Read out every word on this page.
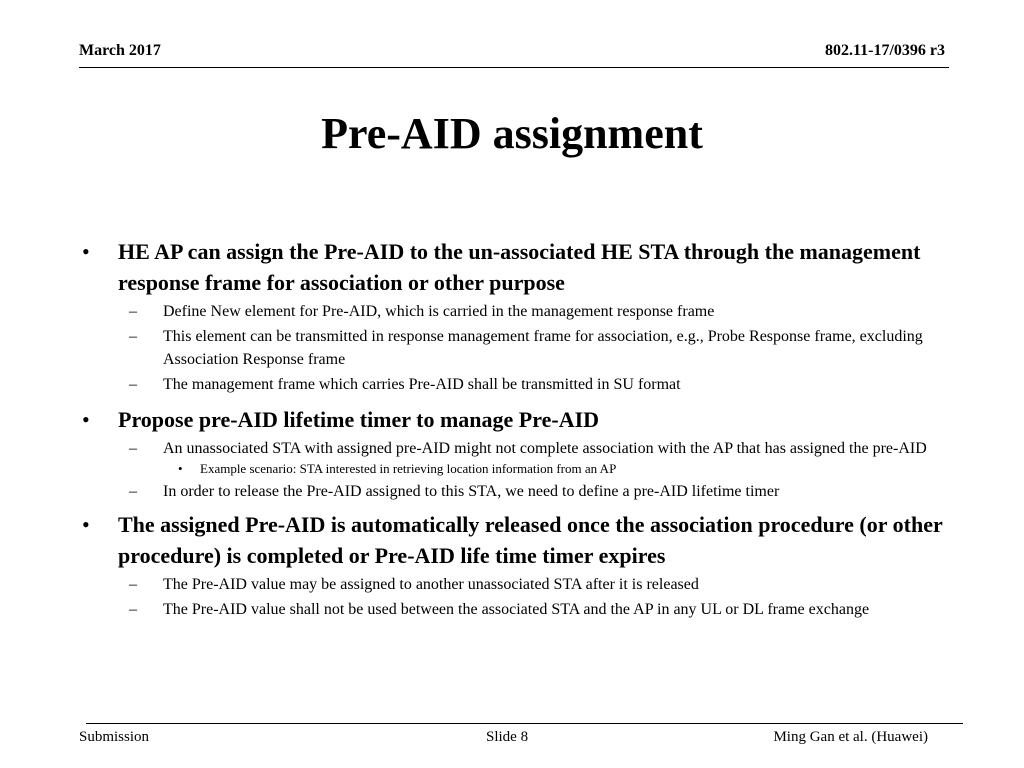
March 2017	802.11-17/0396 r3
Pre-AID assignment
• HE AP can assign the Pre-AID to the un-associated HE STA through the management response frame for association or other purpose
– Define New element for Pre-AID, which is carried in the management response frame
– This element can be transmitted in response management frame for association, e.g., Probe Response frame, excluding Association Response frame
– The management frame which carries Pre-AID shall be transmitted in SU format
• Propose pre-AID lifetime timer to manage Pre-AID
– An unassociated STA with assigned pre-AID might not complete association with the AP that has assigned the pre-AID
• Example scenario: STA interested in retrieving location information from an AP
– In order to release the Pre-AID assigned to this STA, we need to define a pre-AID lifetime timer
• The assigned Pre-AID is automatically released once the association procedure (or other procedure) is completed or Pre-AID life time timer expires
– The Pre-AID value may be assigned to another unassociated STA after it is released
– The Pre-AID value shall not be used between the associated STA and the AP in any UL or DL frame exchange
Submission	Slide 8	Ming Gan et al. (Huawei)
